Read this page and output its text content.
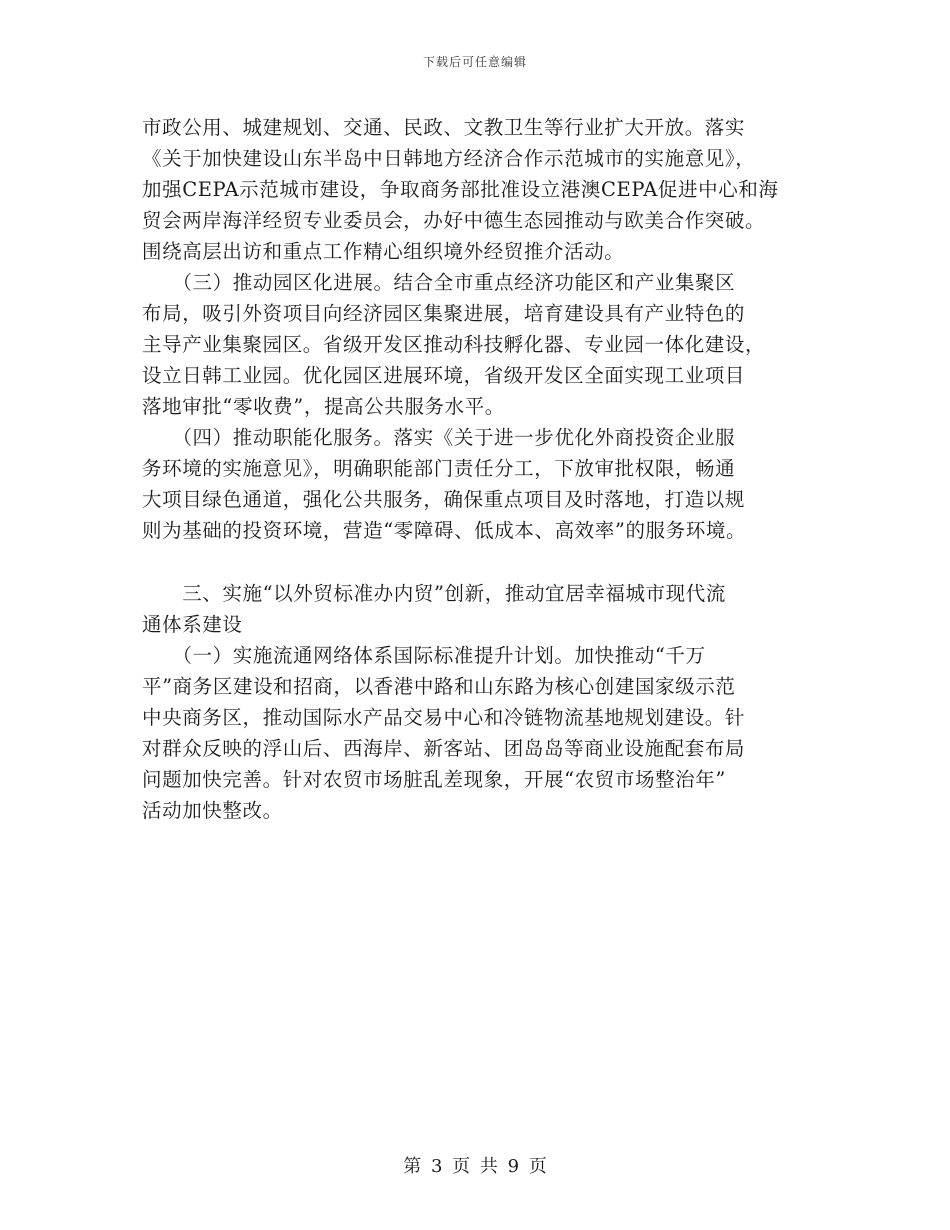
下载后可任意编辑
市政公用、城建规划、交通、民政、文教卫生等行业扩大开放。落实
《关于加快建设山东半岛中日韩地方经济合作示范城市的实施意见》，
加强CEPA示范城市建设，争取商务部批准设立港澳CEPA促进中心和海
贸会两岸海洋经贸专业委员会，办好中德生态园推动与欧美合作突破。
围绕高层出访和重点工作精心组织境外经贸推介活动。
　　（三）推动园区化进展。结合全市重点经济功能区和产业集聚区
布局，吸引外资项目向经济园区集聚进展，培育建设具有产业特色的
主导产业集聚园区。省级开发区推动科技孵化器、专业园一体化建设，
设立日韩工业园。优化园区进展环境，省级开发区全面实现工业项目
落地审批“零收费”，提高公共服务水平。
　　（四）推动职能化服务。落实《关于进一步优化外商投资企业服
务环境的实施意见》，明确职能部门责任分工，下放审批权限，畅通
大项目绿色通道，强化公共服务，确保重点项目及时落地，打造以规
则为基础的投资环境，营造“零障碍、低成本、高效率”的服务环境。
　　三、实施“以外贸标准办内贸”创新，推动宜居幸福城市现代流
通体系建设
　　（一）实施流通网络体系国际标准提升计划。加快推动“千万
平”商务区建设和招商，以香港中路和山东路为核心创建国家级示范
中央商务区，推动国际水产品交易中心和冷链物流基地规划建设。针
对群众反映的浮山后、西海岸、新客站、团岛岛等商业设施配套布局
问题加快完善。针对农贸市场脏乱差现象，开展“农贸市场整治年”
活动加快整改。
第 3 页 共 9 页
